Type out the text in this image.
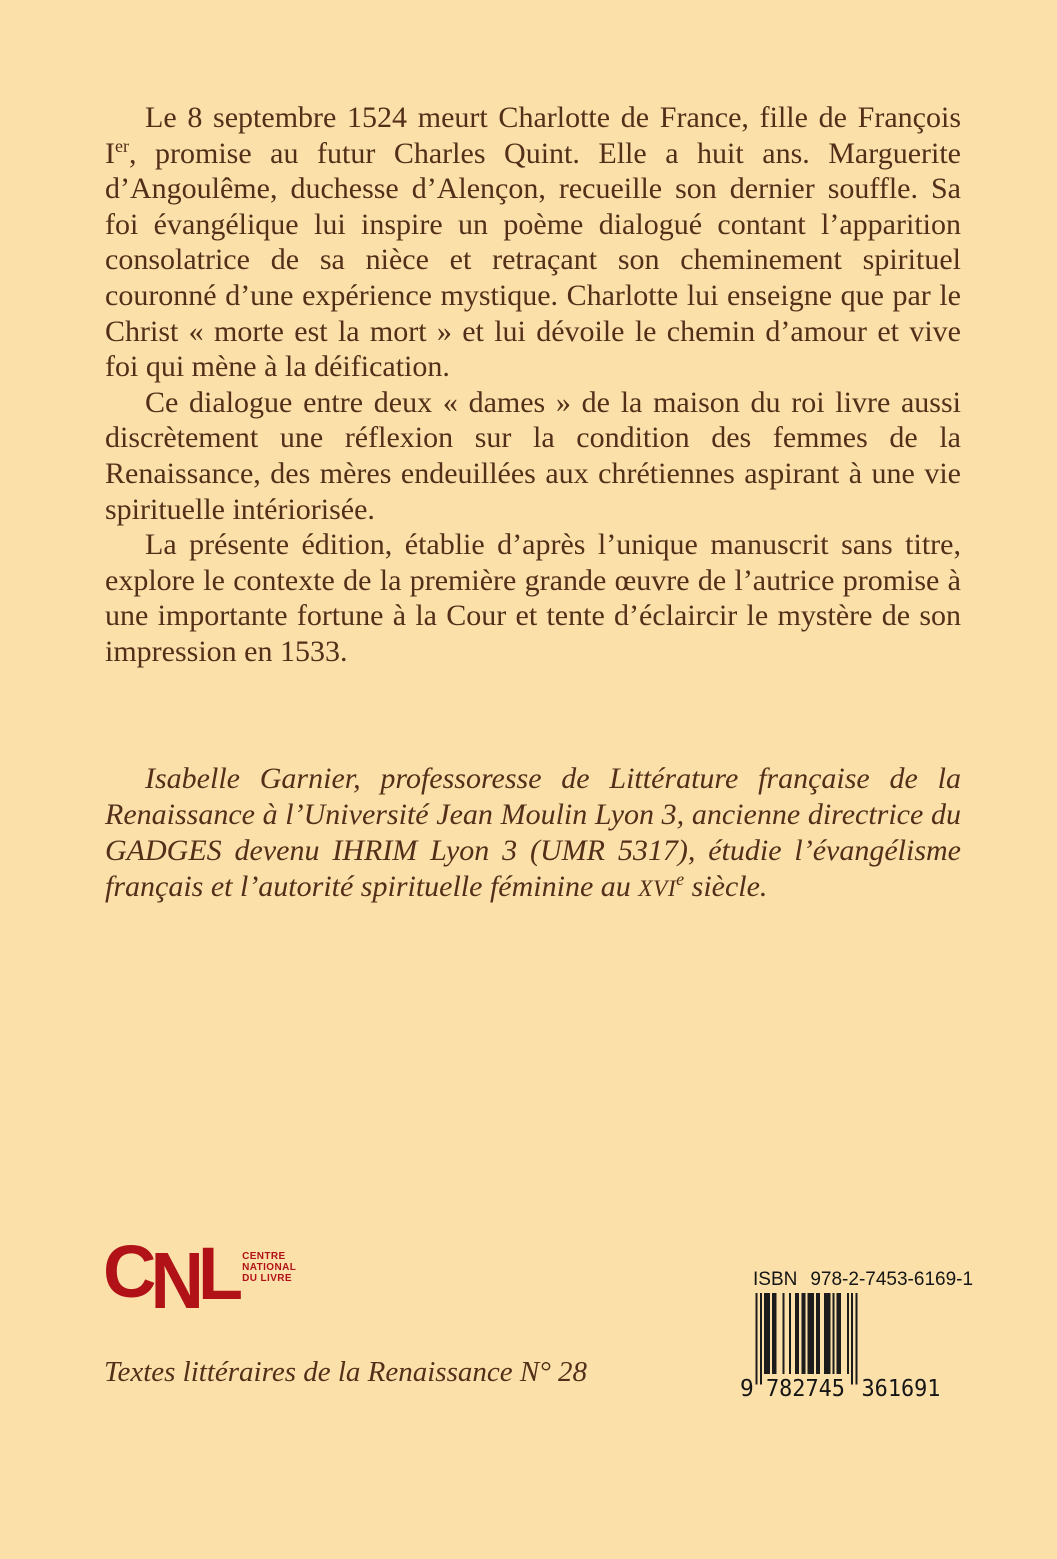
Le 8 septembre 1524 meurt Charlotte de France, fille de François Ier, promise au futur Charles Quint. Elle a huit ans. Marguerite d’Angoulême, duchesse d’Alençon, recueille son dernier souffle. Sa foi évangélique lui inspire un poème dialogué contant l’apparition consolatrice de sa nièce et retraçant son cheminement spirituel couronné d’une expérience mystique. Charlotte lui enseigne que par le Christ « morte est la mort » et lui dévoile le chemin d’amour et vive foi qui mène à la déification.

Ce dialogue entre deux « dames » de la maison du roi livre aussi discrètement une réflexion sur la condition des femmes de la Renaissance, des mères endeuillées aux chrétiennes aspirant à une vie spirituelle intériorisée.

La présente édition, établie d’après l’unique manuscrit sans titre, explore le contexte de la première grande œuvre de l’autrice promise à une importante fortune à la Cour et tente d’éclaircir le mystère de son impression en 1533.

Isabelle Garnier, professoresse de Littérature française de la Renaissance à l’Université Jean Moulin Lyon 3, ancienne directrice du GADGES devenu IHRIM Lyon 3 (UMR 5317), étudie l’évangélisme français et l’autorité spirituelle féminine au XVIe siècle.

CNL CENTRE
NATIONAL
DU LIVRE	ISBN 978-2-7453-6169-1
9 782745 361691
Textes littéraires de la Renaissance N° 28
